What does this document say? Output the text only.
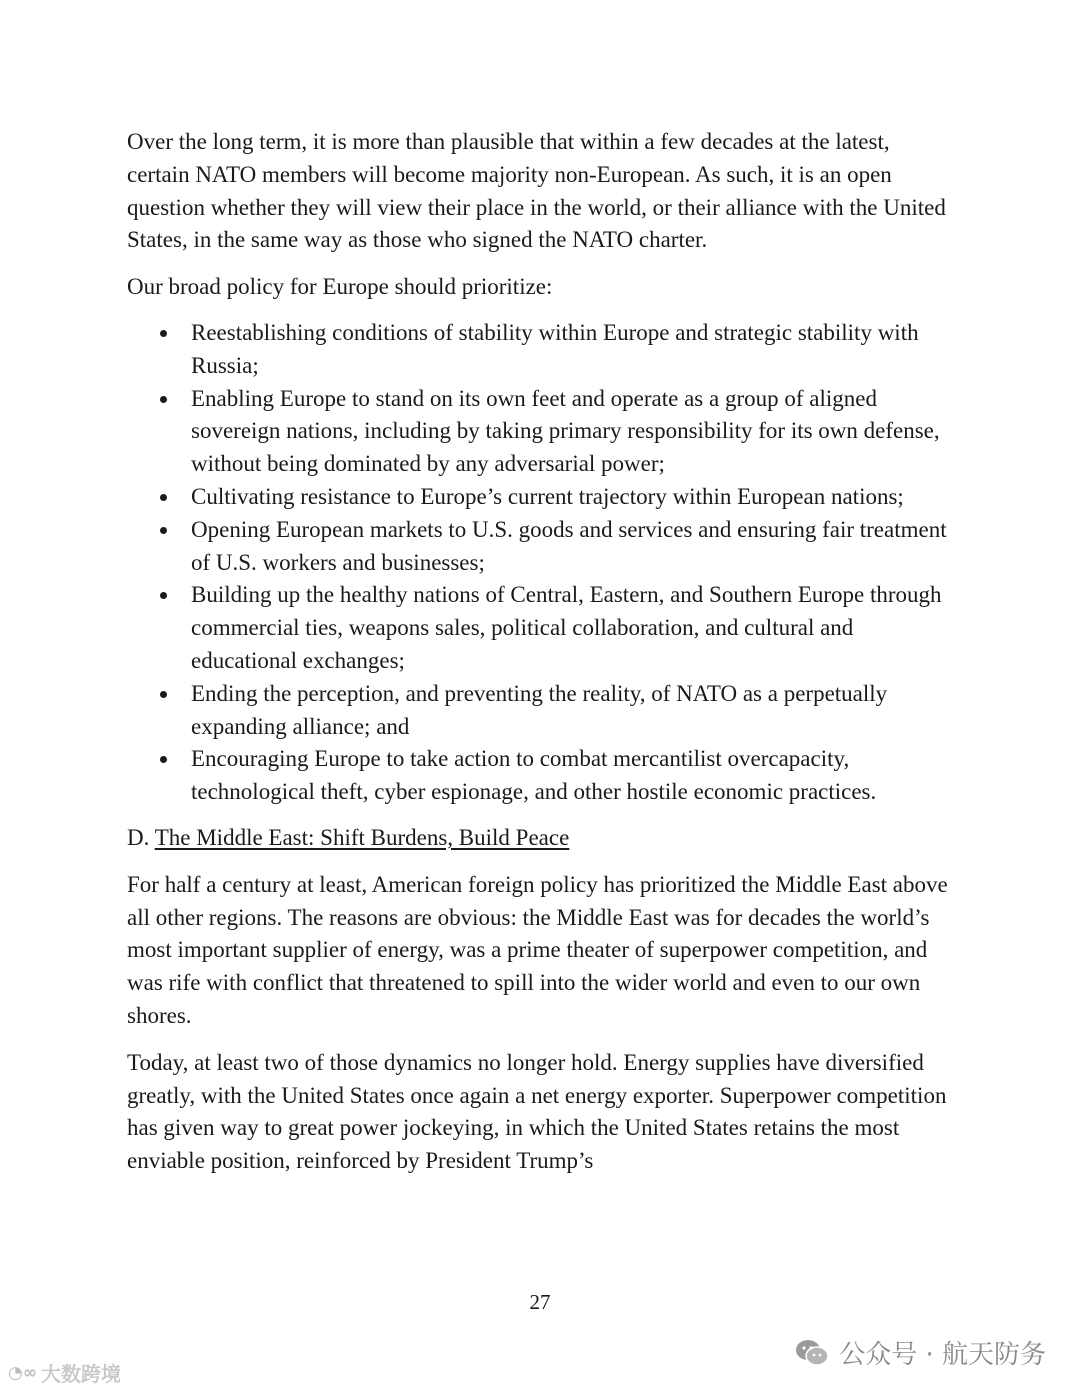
Over the long term, it is more than plausible that within a few decades at the latest, certain NATO members will become majority non-European. As such, it is an open question whether they will view their place in the world, or their alliance with the United States, in the same way as those who signed the NATO charter.

Our broad policy for Europe should prioritize:

Reestablishing conditions of stability within Europe and strategic stability with Russia;
Enabling Europe to stand on its own feet and operate as a group of aligned sovereign nations, including by taking primary responsibility for its own defense, without being dominated by any adversarial power;
Cultivating resistance to Europe’s current trajectory within European nations;
Opening European markets to U.S. goods and services and ensuring fair treatment of U.S. workers and businesses;
Building up the healthy nations of Central, Eastern, and Southern Europe through commercial ties, weapons sales, political collaboration, and cultural and educational exchanges;
Ending the perception, and preventing the reality, of NATO as a perpetually expanding alliance; and
Encouraging Europe to take action to combat mercantilist overcapacity, technological theft, cyber espionage, and other hostile economic practices.

D. The Middle East: Shift Burdens, Build Peace

For half a century at least, American foreign policy has prioritized the Middle East above all other regions. The reasons are obvious: the Middle East was for decades the world’s most important supplier of energy, was a prime theater of superpower competition, and was rife with conflict that threatened to spill into the wider world and even to our own shores.

Today, at least two of those dynamics no longer hold. Energy supplies have diversified greatly, with the United States once again a net energy exporter. Superpower competition has given way to great power jockeying, in which the United States retains the most enviable position, reinforced by President Trump’s

27
◔∞ 大数跨境
公众号 · 航天防务
